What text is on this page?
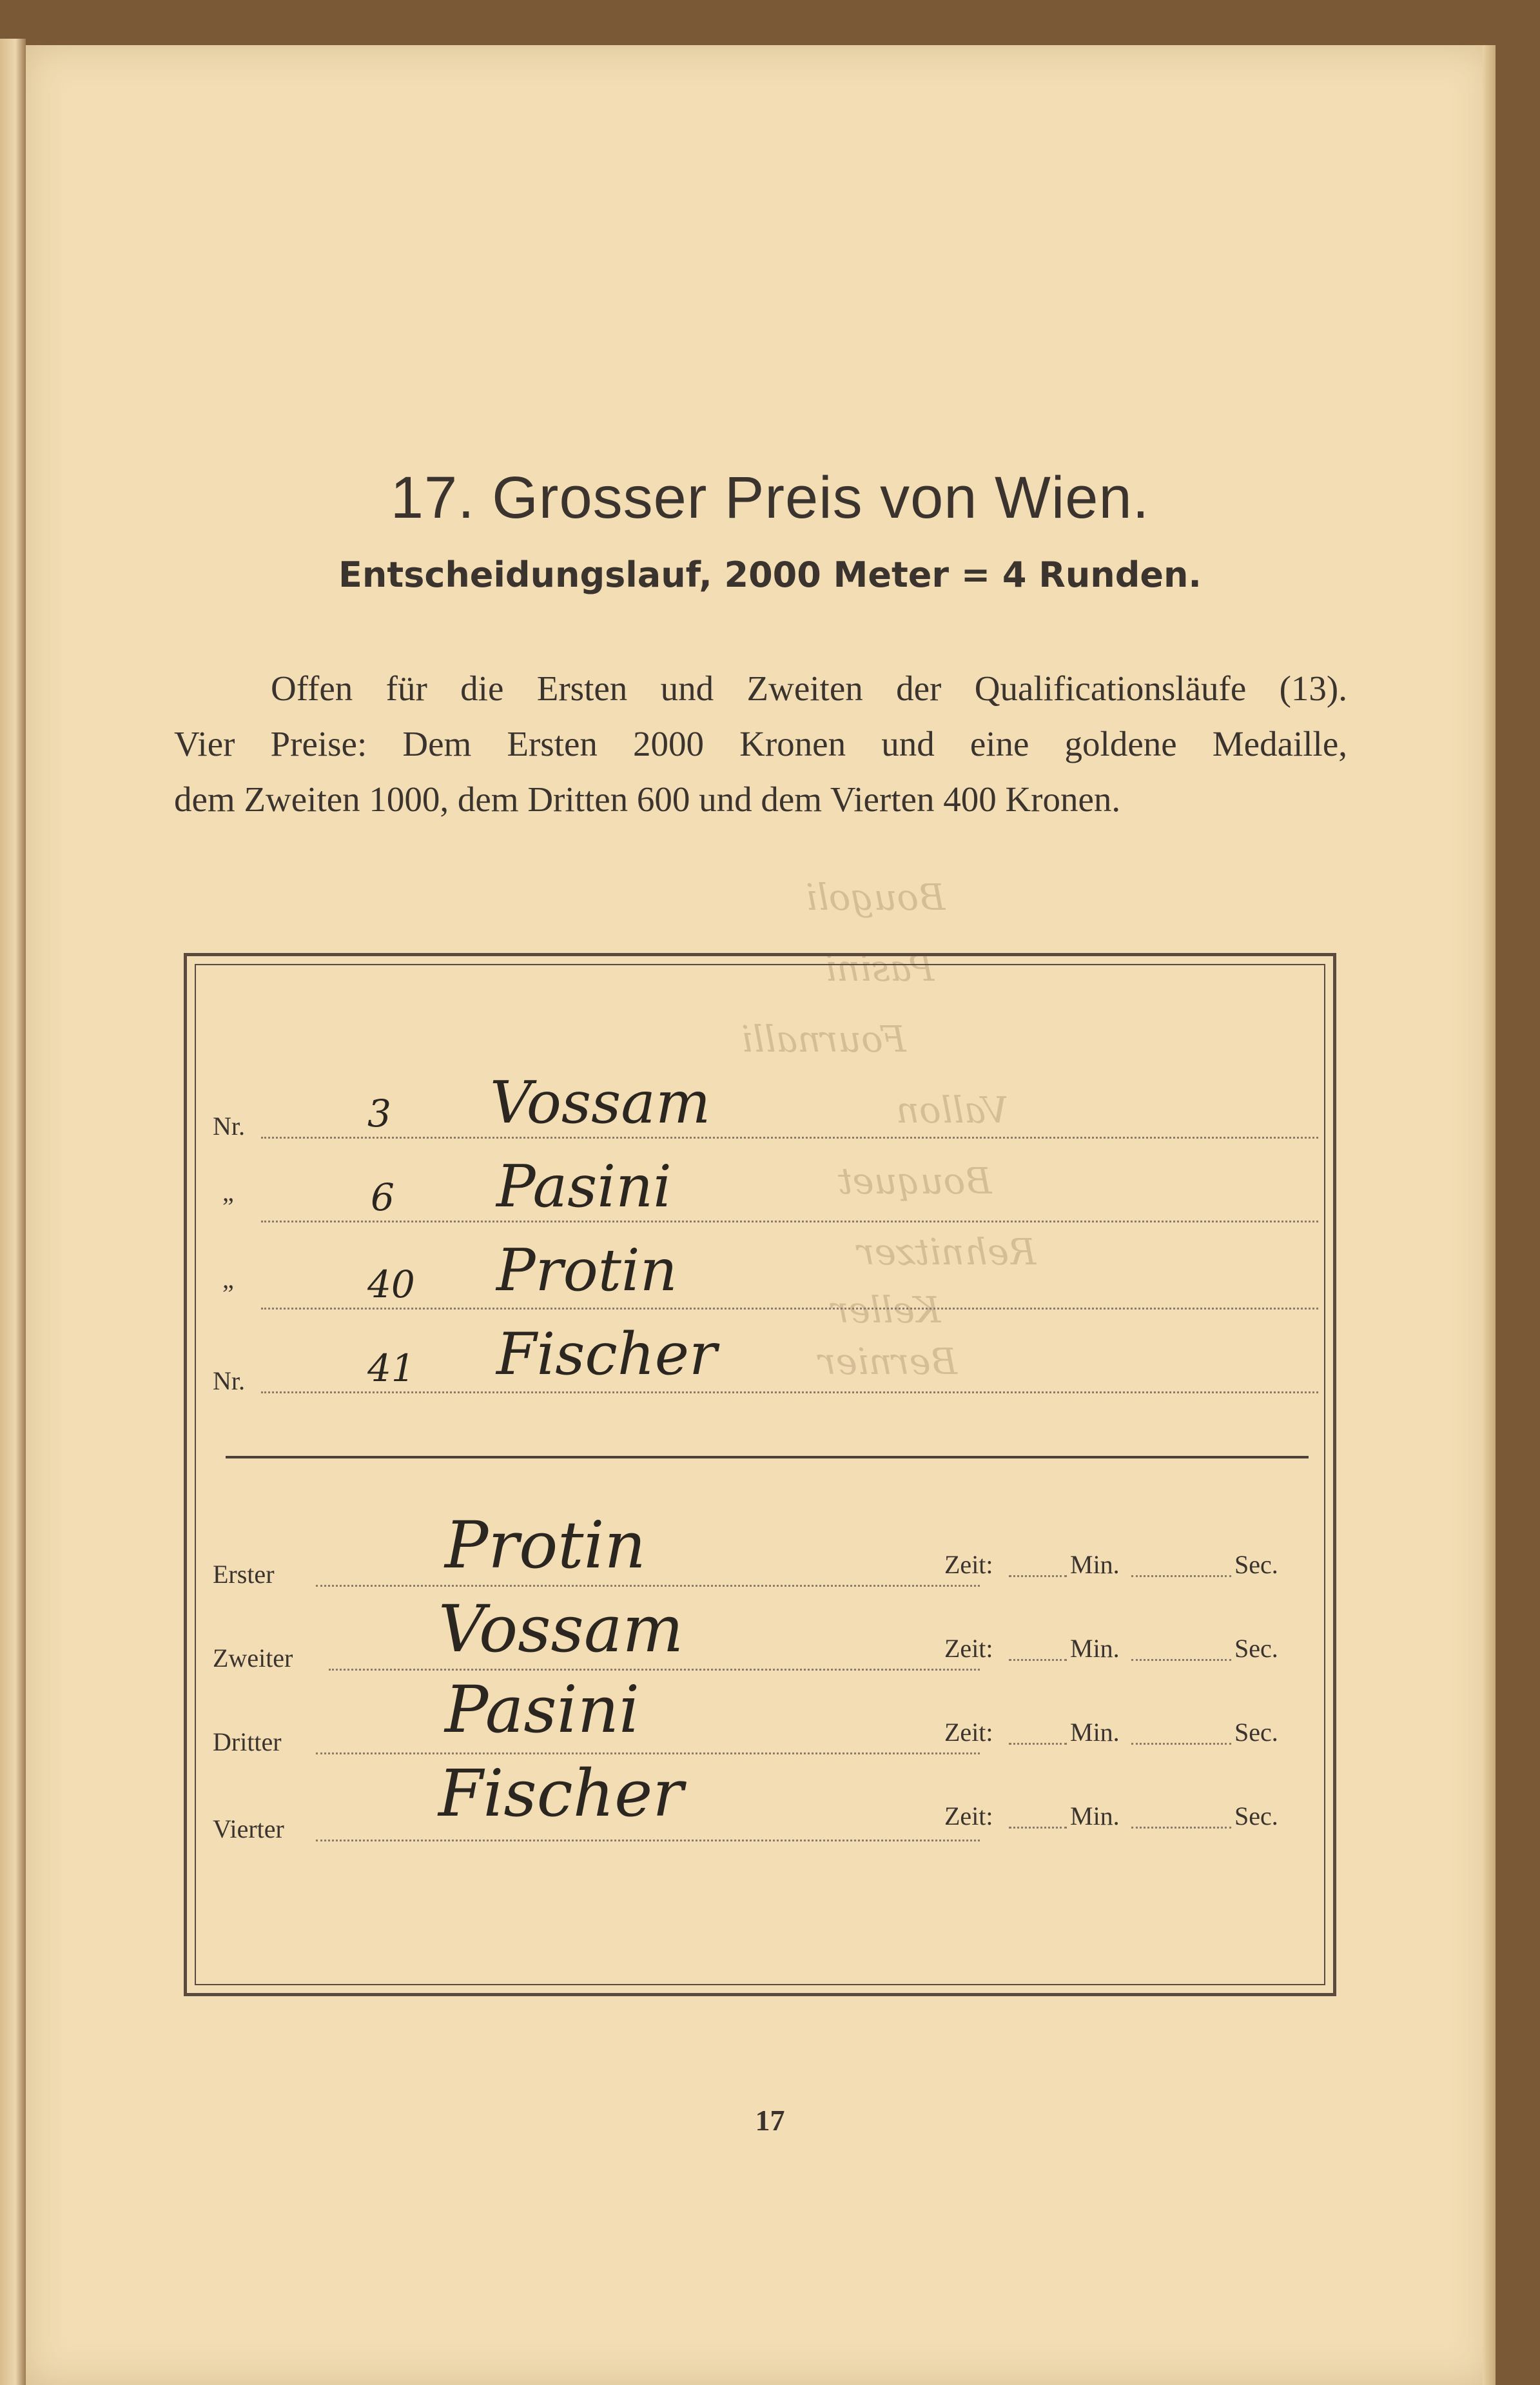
17. Grosser Preis von Wien.
Entscheidungslauf, 2000 Meter = 4 Runden.

Offen für die Ersten und Zweiten der Qualificationsläufe (13).

Vier Preise: Dem Ersten 2000 Kronen und eine goldene Medaille,

dem Zweiten 1000, dem Dritten 600 und dem Vierten 400 Kronen.

Bougoli
Pasini
Fournalli
Vallon
Bouquet
Rehnitzer
Keller
Bernier
Nr.	3 Vossam
”	6 Pasini
”	40 Protin
Nr.	41 Fischer
Erster	Protin	Zeit:	Min.	Sec.
Zweiter Vossam	Zeit:	Min.	Sec.
Dritter	Pasini	Zeit:	Min.	Sec.
Vierter Fischer	Zeit:	Min.	Sec.
17
